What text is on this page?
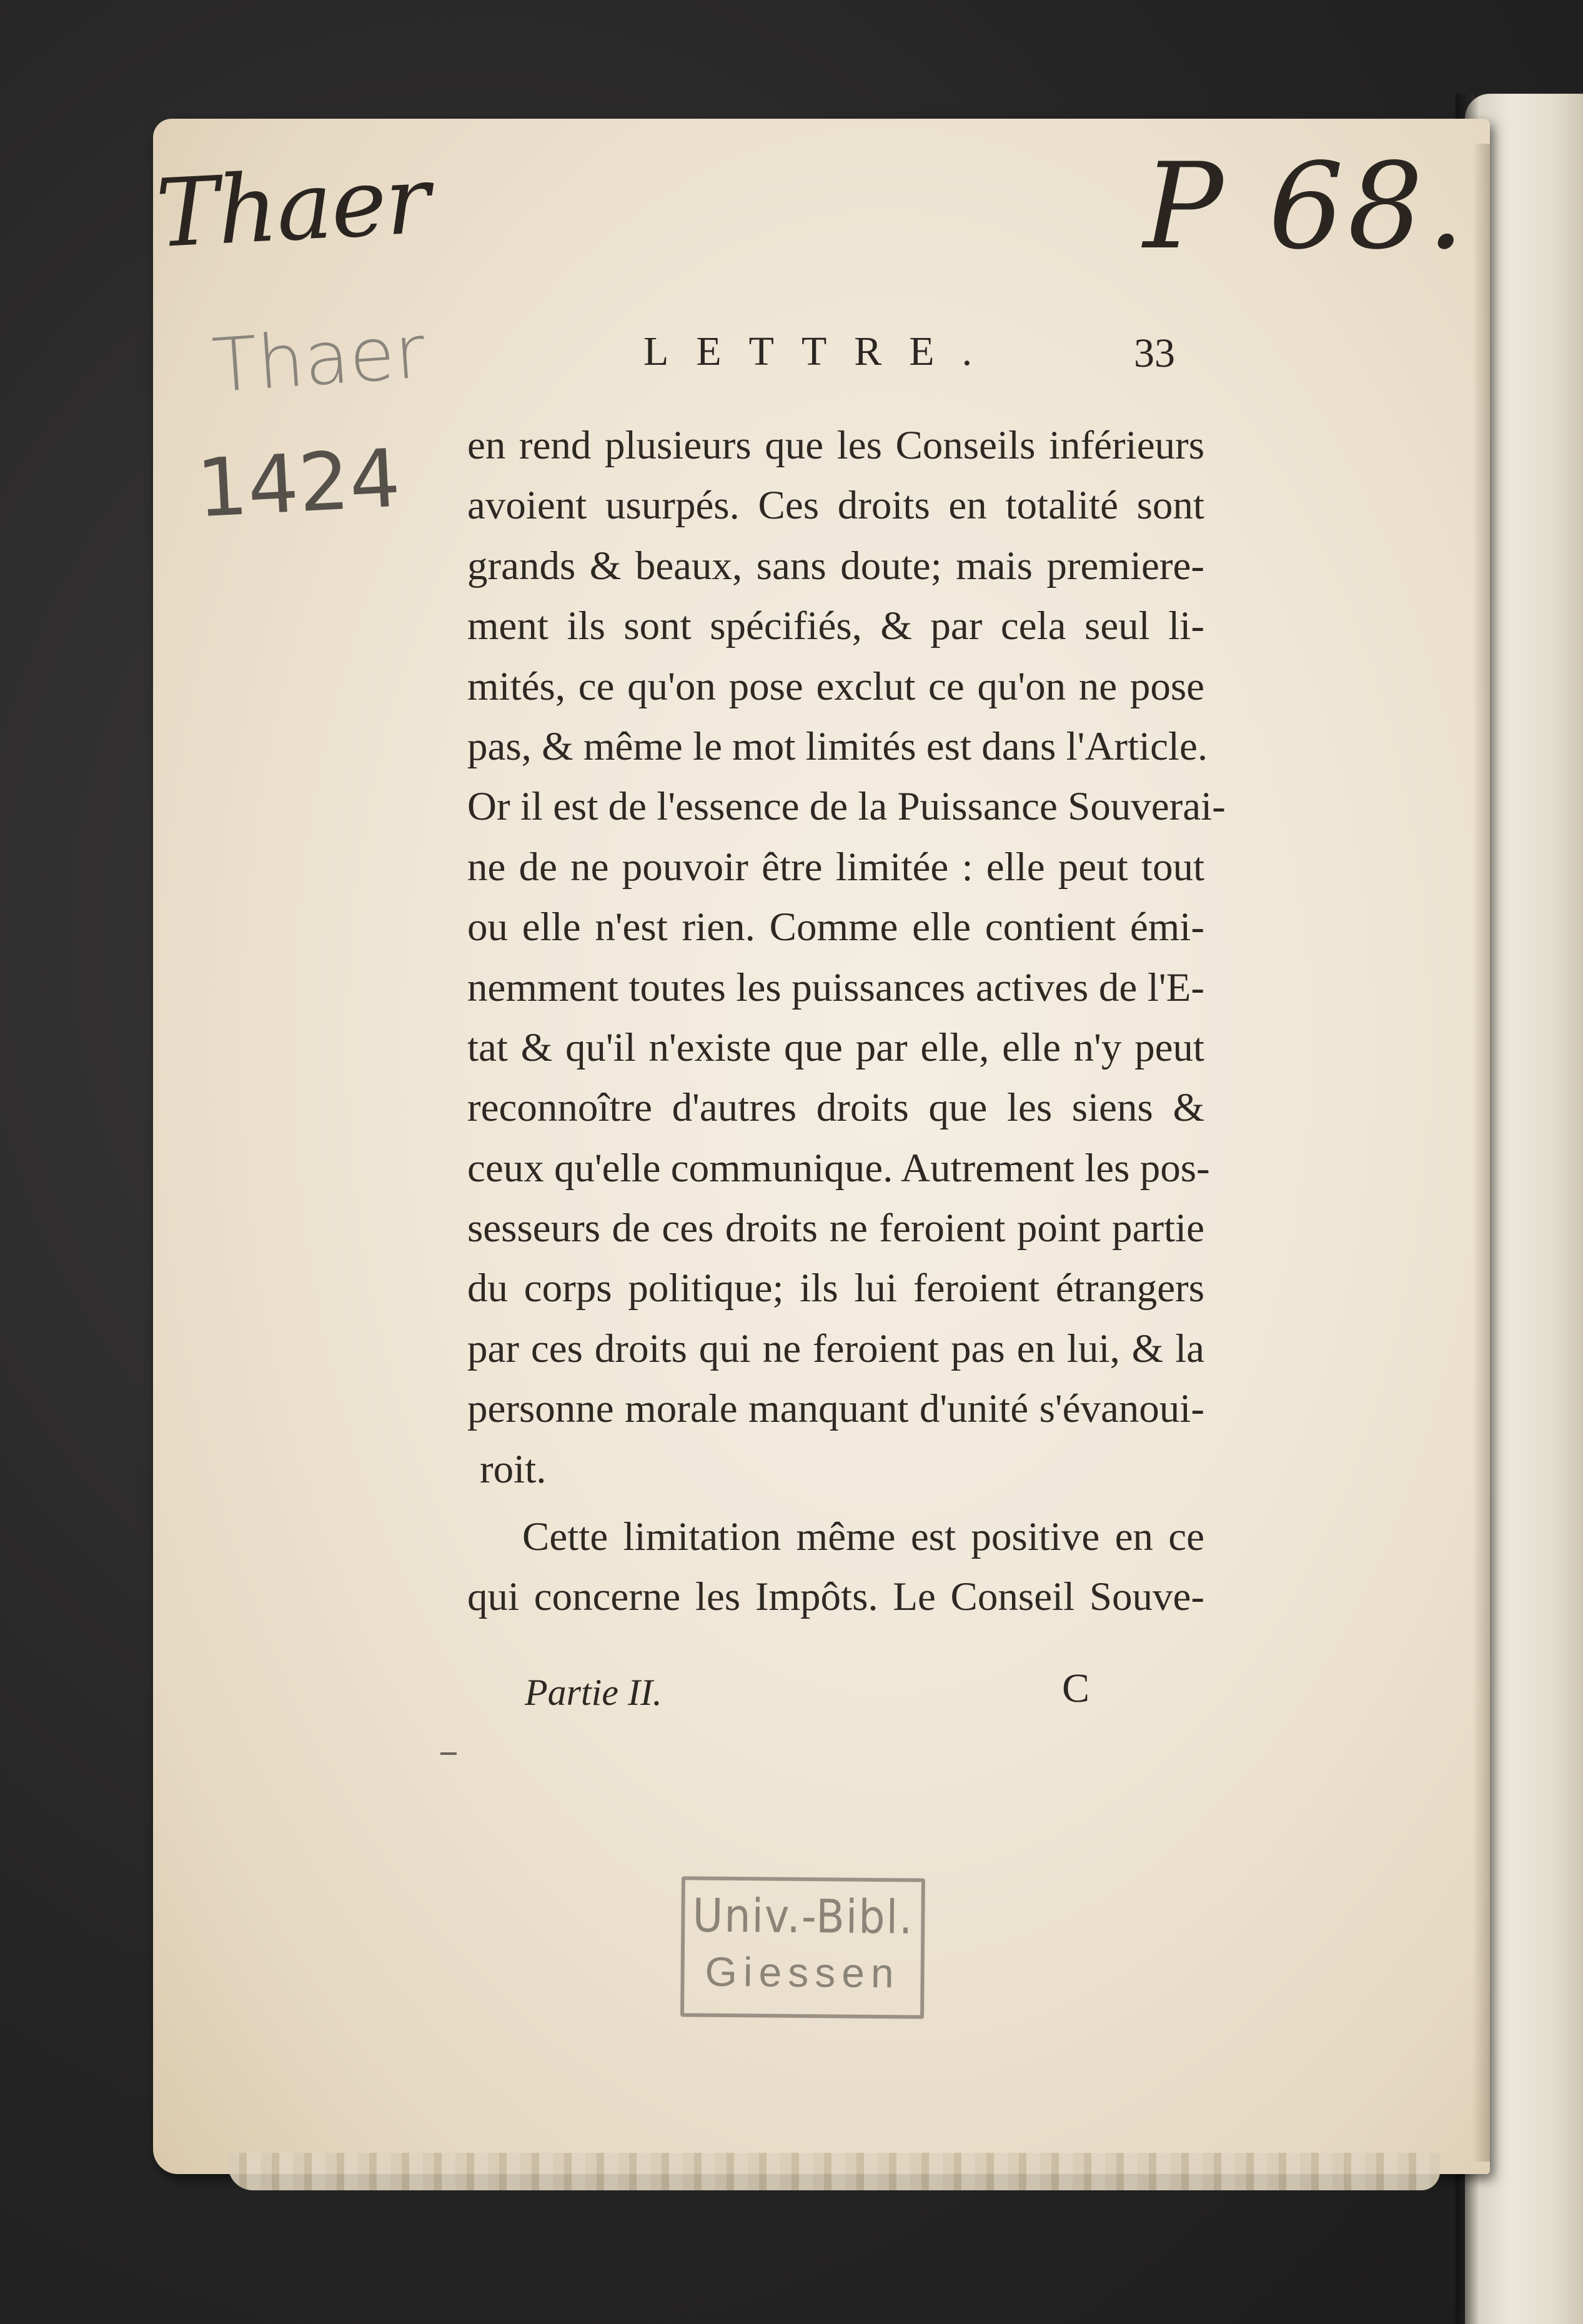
Thaer	P 68.

Thaer

1424

LETTRE.	33
en rend plusieurs que les Conseils inférieurs
avoient usurpés. Ces droits en totalité sont
grands & beaux, sans doute; mais premiere-
ment ils sont spécifiés, & par cela seul li-
mités, ce qu'on pose exclut ce qu'on ne pose
pas, & même le mot limités est dans l'Article.
Or il est de l'essence de la Puissance Souverai-
ne de ne pouvoir être limitée : elle peut tout
ou elle n'est rien. Comme elle contient émi-
nemment toutes les puissances actives de l'E-
tat & qu'il n'existe que par elle, elle n'y peut
reconnoître d'autres droits que les siens &
ceux qu'elle communique. Autrement les pos-
sesseurs de ces droits ne feroient point partie
du corps politique; ils lui feroient étrangers
par ces droits qui ne feroient pas en lui, & la
personne morale manquant d'unité s'évanoui-
roit.
Cette limitation même est positive en ce
qui concerne les Impôts. Le Conseil Souve-
Partie II.	C
Univ.-Bibl.
Giessen
